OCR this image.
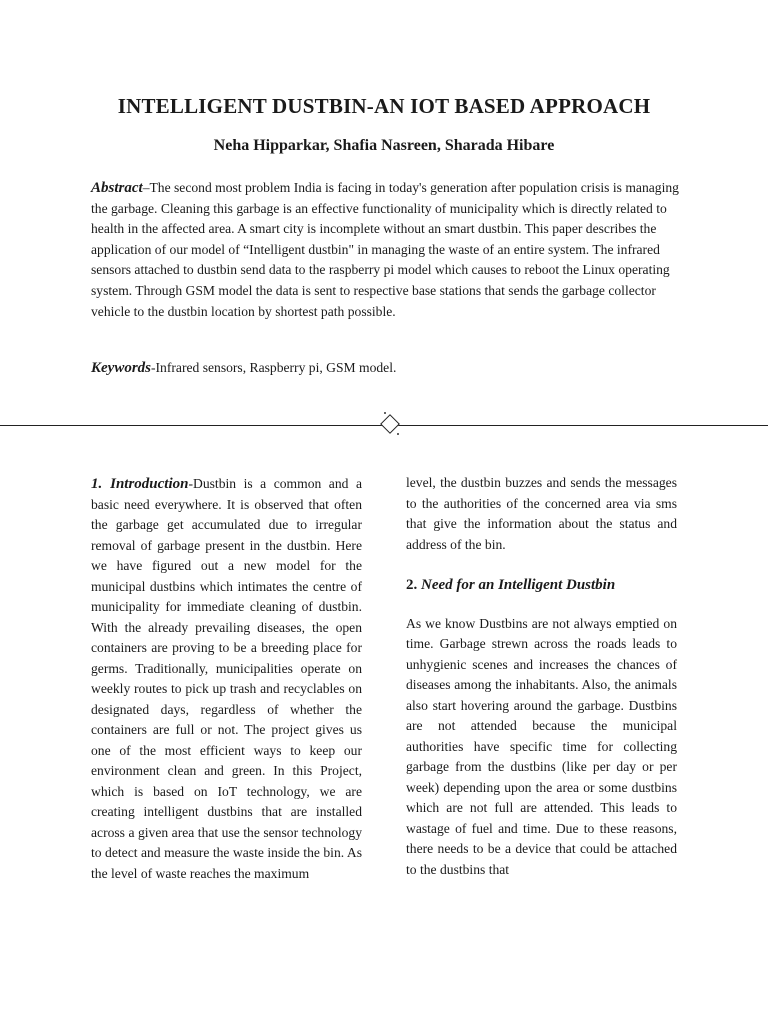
INTELLIGENT DUSTBIN-AN IOT BASED APPROACH
Neha Hipparkar, Shafia Nasreen, Sharada Hibare
Abstract–The second most problem India is facing in today's generation after population crisis is managing the garbage. Cleaning this garbage is an effective functionality of municipality which is directly related to health in the affected area. A smart city is incomplete without an smart dustbin. This paper describes the application of our model of “Intelligent dustbin" in managing the waste of an entire system. The infrared sensors attached to dustbin send data to the raspberry pi model which causes to reboot the Linux operating system. Through GSM model the data is sent to respective base stations that sends the garbage collector vehicle to the dustbin location by shortest path possible.
Keywords-Infrared sensors, Raspberry pi, GSM model.

1. Introduction-Dustbin is a common and a basic need everywhere. It is observed that often the garbage get accumulated due to irregular removal of garbage present in the dustbin. Here we have figured out a new model for the municipal dustbins which intimates the centre of municipality for immediate cleaning of dustbin. With the already prevailing diseases, the open containers are proving to be a breeding place for germs. Traditionally, municipalities operate on weekly routes to pick up trash and recyclables on designated days, regardless of whether the containers are full or not. The project gives us one of the most efficient ways to keep our environment clean and green. In this Project, which is based on IoT technology, we are creating intelligent dustbins that are installed across a given area that use the sensor technology to detect and measure the waste inside the bin. As the level of waste reaches the maximum

level, the dustbin buzzes and sends the messages to the authorities of the concerned area via sms that give the information about the status and address of the bin.

2. Need for an Intelligent Dustbin

As we know Dustbins are not always emptied on time. Garbage strewn across the roads leads to unhygienic scenes and increases the chances of diseases among the inhabitants. Also, the animals also start hovering around the garbage. Dustbins are not attended because the municipal authorities have specific time for collecting garbage from the dustbins (like per day or per week) depending upon the area or some dustbins which are not full are attended. This leads to wastage of fuel and time. Due to these reasons, there needs to be a device that could be attached to the dustbins that
